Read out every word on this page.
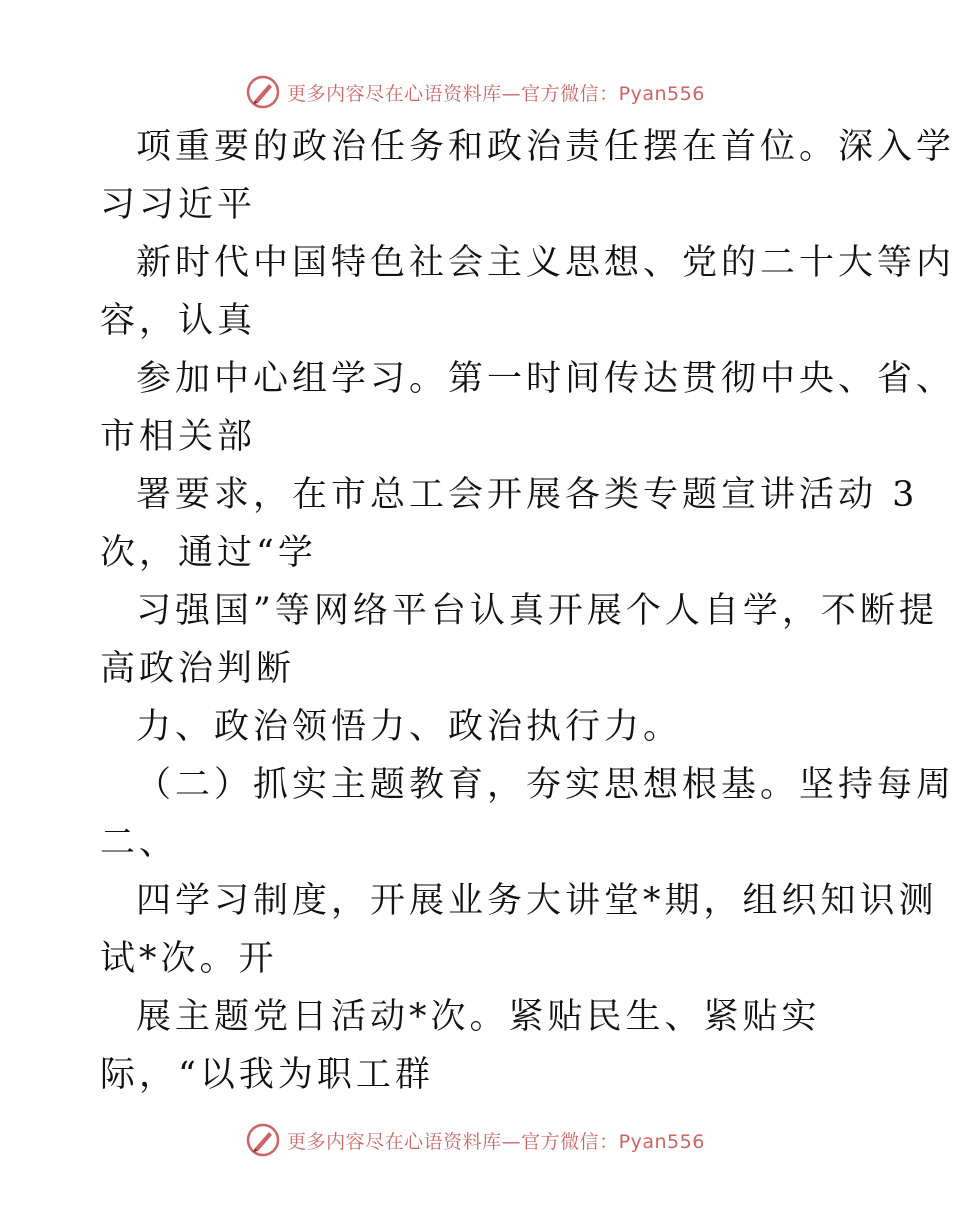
更多内容尽在心语资料库—官方微信：Pyan556
项重要的政治任务和政治责任摆在首位。深入学
习习近平
新时代中国特色社会主义思想、党的二十大等内
容，认真
参加中心组学习。第一时间传达贯彻中央、省、
市相关部
署要求，在市总工会开展各类专题宣讲活动 3
次，通过“学
习强国”等网络平台认真开展个人自学，不断提
高政治判断
力、政治领悟力、政治执行力。
（二）抓实主题教育，夯实思想根基。坚持每周
二、
四学习制度，开展业务大讲堂*期，组织知识测
试*次。开
展主题党日活动*次。紧贴民生、紧贴实
际，“以我为职工群
更多内容尽在心语资料库—官方微信：Pyan556
